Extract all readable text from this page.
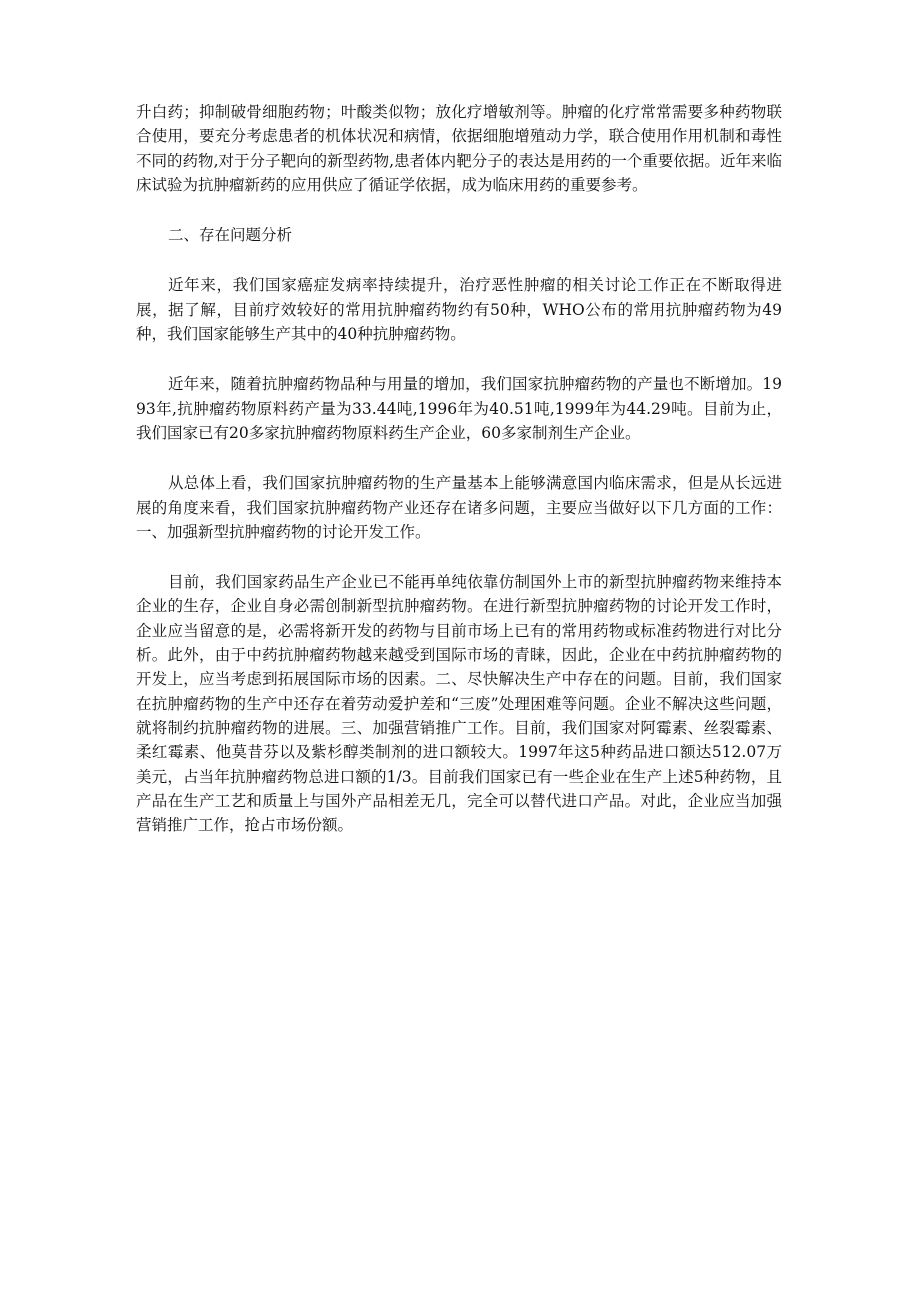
升白药；抑制破骨细胞药物；叶酸类似物；放化疗增敏剂等。肿瘤的化疗常常需要多种药物联合使用，要充分考虑患者的机体状况和病情，依据细胞增殖动力学，联合使用作用机制和毒性不同的药物,对于分子靶向的新型药物,患者体内靶分子的表达是用药的一个重要依据。近年来临床试验为抗肿瘤新药的应用供应了循证学依据，成为临床用药的重要参考。

二、存在问题分析

近年来，我们国家癌症发病率持续提升，治疗恶性肿瘤的相关讨论工作正在不断取得进展，据了解，目前疗效较好的常用抗肿瘤药物约有50种，WHO公布的常用抗肿瘤药物为49种，我们国家能够生产其中的40种抗肿瘤药物。

近年来，随着抗肿瘤药物品种与用量的增加，我们国家抗肿瘤药物的产量也不断增加。1993年,抗肿瘤药物原料药产量为33.44吨,1996年为40.51吨,1999年为44.29吨。目前为止，我们国家已有20多家抗肿瘤药物原料药生产企业，60多家制剂生产企业。

从总体上看，我们国家抗肿瘤药物的生产量基本上能够满意国内临床需求，但是从长远进展的角度来看，我们国家抗肿瘤药物产业还存在诸多问题，主要应当做好以下几方面的工作：一、加强新型抗肿瘤药物的讨论开发工作。

目前，我们国家药品生产企业已不能再单纯依靠仿制国外上市的新型抗肿瘤药物来维持本企业的生存，企业自身必需创制新型抗肿瘤药物。在进行新型抗肿瘤药物的讨论开发工作时，企业应当留意的是，必需将新开发的药物与目前市场上已有的常用药物或标准药物进行对比分析。此外，由于中药抗肿瘤药物越来越受到国际市场的青睐，因此，企业在中药抗肿瘤药物的开发上，应当考虑到拓展国际市场的因素。二、尽快解决生产中存在的问题。目前，我们国家在抗肿瘤药物的生产中还存在着劳动爱护差和“三废”处理困难等问题。企业不解决这些问题，就将制约抗肿瘤药物的进展。三、加强营销推广工作。目前，我们国家对阿霉素、丝裂霉素、柔红霉素、他莫昔芬以及紫杉醇类制剂的进口额较大。1997年这5种药品进口额达512.07万美元，占当年抗肿瘤药物总进口额的1/3。目前我们国家已有一些企业在生产上述5种药物，且产品在生产工艺和质量上与国外产品相差无几，完全可以替代进口产品。对此，企业应当加强营销推广工作，抢占市场份额。
